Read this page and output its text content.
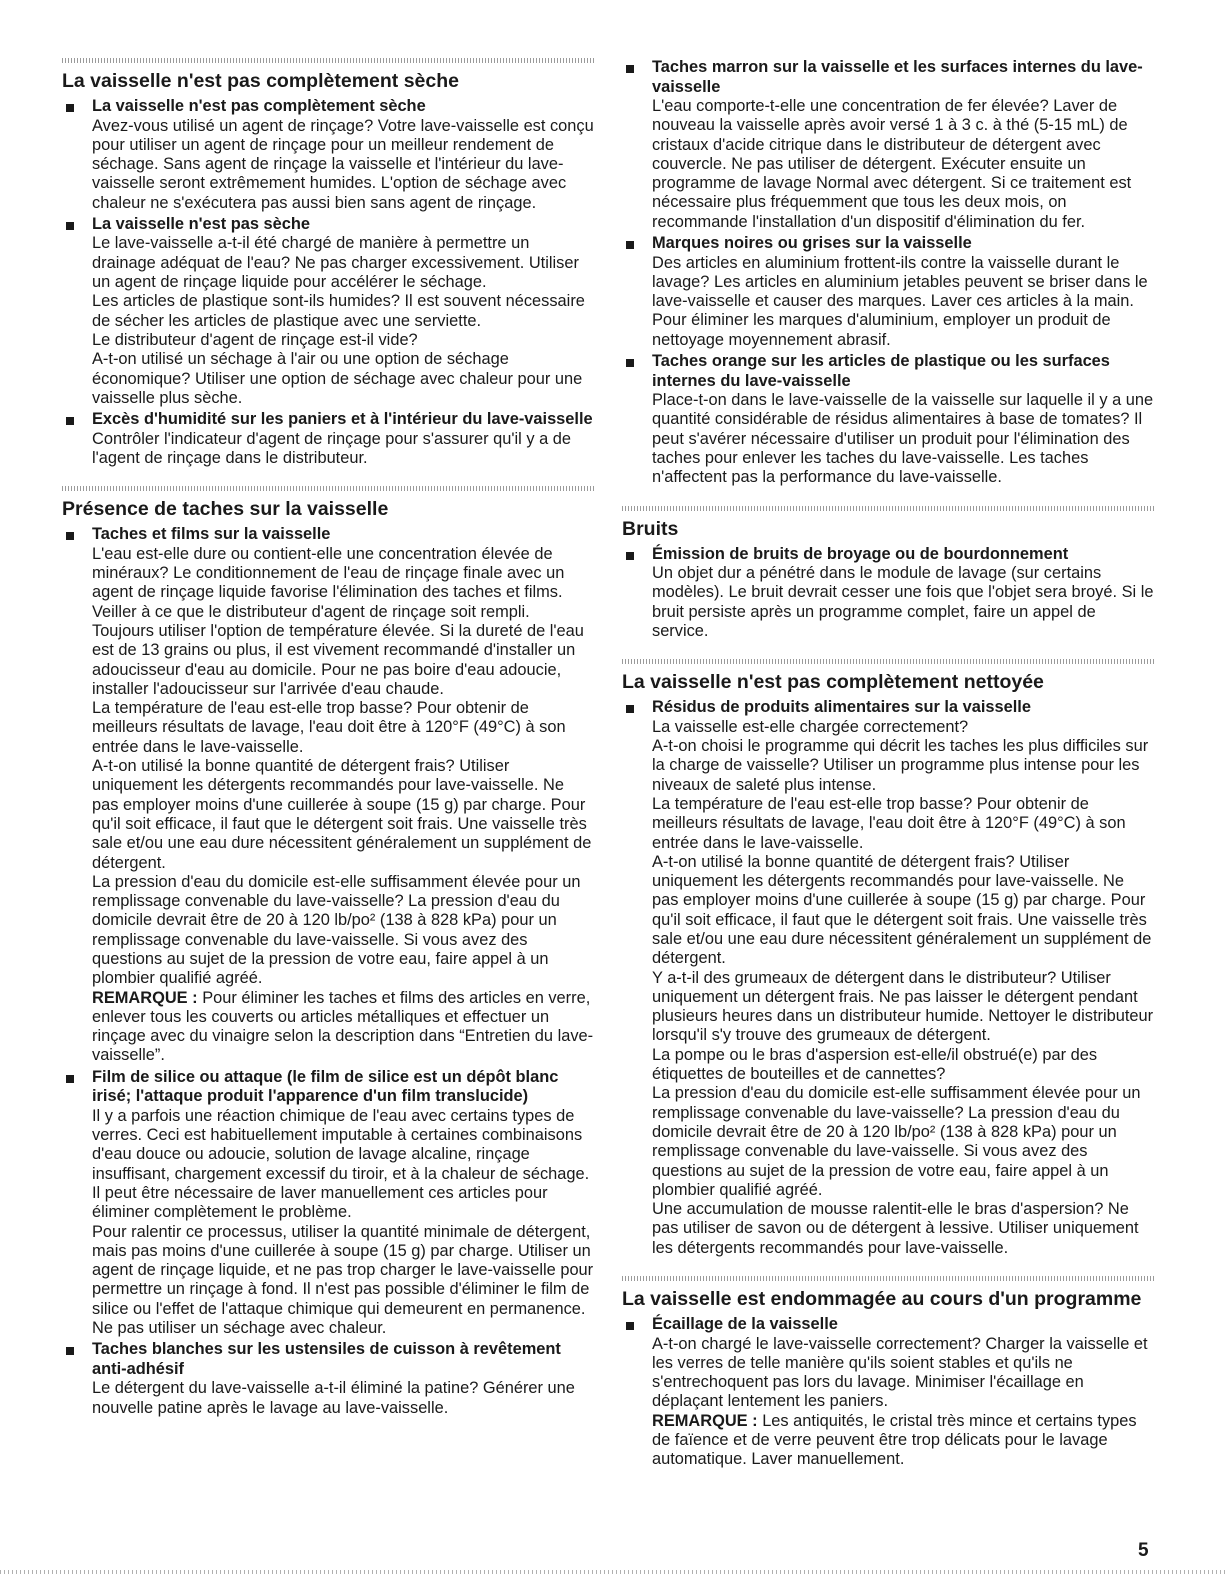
La vaisselle n'est pas complètement sèche
La vaisselle n'est pas complètement sèche
Avez-vous utilisé un agent de rinçage? Votre lave-vaisselle est conçu pour utiliser un agent de rinçage pour un meilleur rendement de séchage. Sans agent de rinçage la vaisselle et l'intérieur du lave-vaisselle seront extrêmement humides. L'option de séchage avec chaleur ne s'exécutera pas aussi bien sans agent de rinçage.
La vaisselle n'est pas sèche
Le lave-vaisselle a-t-il été chargé de manière à permettre un drainage adéquat de l'eau? Ne pas charger excessivement. Utiliser un agent de rinçage liquide pour accélérer le séchage.
Les articles de plastique sont-ils humides? Il est souvent nécessaire de sécher les articles de plastique avec une serviette.
Le distributeur d'agent de rinçage est-il vide?
A-t-on utilisé un séchage à l'air ou une option de séchage économique? Utiliser une option de séchage avec chaleur pour une vaisselle plus sèche.
Excès d'humidité sur les paniers et à l'intérieur du lave-vaisselle
Contrôler l'indicateur d'agent de rinçage pour s'assurer qu'il y a de l'agent de rinçage dans le distributeur.
Présence de taches sur la vaisselle
Taches et films sur la vaisselle
L'eau est-elle dure ou contient-elle une concentration élevée de minéraux? Le conditionnement de l'eau de rinçage finale avec un agent de rinçage liquide favorise l'élimination des taches et films. Veiller à ce que le distributeur d'agent de rinçage soit rempli. Toujours utiliser l'option de température élevée. Si la dureté de l'eau est de 13 grains ou plus, il est vivement recommandé d'installer un adoucisseur d'eau au domicile. Pour ne pas boire d'eau adoucie, installer l'adoucisseur sur l'arrivée d'eau chaude.
La température de l'eau est-elle trop basse? Pour obtenir de meilleurs résultats de lavage, l'eau doit être à 120°F (49°C) à son entrée dans le lave-vaisselle.
A-t-on utilisé la bonne quantité de détergent frais? Utiliser uniquement les détergents recommandés pour lave-vaisselle. Ne pas employer moins d'une cuillerée à soupe (15 g) par charge. Pour qu'il soit efficace, il faut que le détergent soit frais. Une vaisselle très sale et/ou une eau dure nécessitent généralement un supplément de détergent.
La pression d'eau du domicile est-elle suffisamment élevée pour un remplissage convenable du lave-vaisselle? La pression d'eau du domicile devrait être de 20 à 120 lb/po² (138 à 828 kPa) pour un remplissage convenable du lave-vaisselle. Si vous avez des questions au sujet de la pression de votre eau, faire appel à un plombier qualifié agréé.
REMARQUE : Pour éliminer les taches et films des articles en verre, enlever tous les couverts ou articles métalliques et effectuer un rinçage avec du vinaigre selon la description dans “Entretien du lave-vaisselle”.
Film de silice ou attaque (le film de silice est un dépôt blanc irisé; l'attaque produit l'apparence d'un film translucide)
Il y a parfois une réaction chimique de l'eau avec certains types de verres. Ceci est habituellement imputable à certaines combinaisons d'eau douce ou adoucie, solution de lavage alcaline, rinçage insuffisant, chargement excessif du tiroir, et à la chaleur de séchage. Il peut être nécessaire de laver manuellement ces articles pour éliminer complètement le problème.
Pour ralentir ce processus, utiliser la quantité minimale de détergent, mais pas moins d'une cuillerée à soupe (15 g) par charge. Utiliser un agent de rinçage liquide, et ne pas trop charger le lave-vaisselle pour permettre un rinçage à fond. Il n'est pas possible d'éliminer le film de silice ou l'effet de l'attaque chimique qui demeurent en permanence. Ne pas utiliser un séchage avec chaleur.
Taches blanches sur les ustensiles de cuisson à revêtement anti-adhésif
Le détergent du lave-vaisselle a-t-il éliminé la patine? Générer une nouvelle patine après le lavage au lave-vaisselle.
Taches marron sur la vaisselle et les surfaces internes du lave-vaisselle
L'eau comporte-t-elle une concentration de fer élevée? Laver de nouveau la vaisselle après avoir versé 1 à 3 c. à thé (5-15 mL) de cristaux d'acide citrique dans le distributeur de détergent avec couvercle. Ne pas utiliser de détergent. Exécuter ensuite un programme de lavage Normal avec détergent. Si ce traitement est nécessaire plus fréquemment que tous les deux mois, on recommande l'installation d'un dispositif d'élimination du fer.
Marques noires ou grises sur la vaisselle
Des articles en aluminium frottent-ils contre la vaisselle durant le lavage? Les articles en aluminium jetables peuvent se briser dans le lave-vaisselle et causer des marques. Laver ces articles à la main. Pour éliminer les marques d'aluminium, employer un produit de nettoyage moyennement abrasif.
Taches orange sur les articles de plastique ou les surfaces internes du lave-vaisselle
Place-t-on dans le lave-vaisselle de la vaisselle sur laquelle il y a une quantité considérable de résidus alimentaires à base de tomates? Il peut s'avérer nécessaire d'utiliser un produit pour l'élimination des taches pour enlever les taches du lave-vaisselle. Les taches n'affectent pas la performance du lave-vaisselle.
Bruits
Émission de bruits de broyage ou de bourdonnement
Un objet dur a pénétré dans le module de lavage (sur certains modèles). Le bruit devrait cesser une fois que l'objet sera broyé. Si le bruit persiste après un programme complet, faire un appel de service.
La vaisselle n'est pas complètement nettoyée
Résidus de produits alimentaires sur la vaisselle
La vaisselle est-elle chargée correctement?
A-t-on choisi le programme qui décrit les taches les plus difficiles sur la charge de vaisselle? Utiliser un programme plus intense pour les niveaux de saleté plus intense.
La température de l'eau est-elle trop basse? Pour obtenir de meilleurs résultats de lavage, l'eau doit être à 120°F (49°C) à son entrée dans le lave-vaisselle.
A-t-on utilisé la bonne quantité de détergent frais? Utiliser uniquement les détergents recommandés pour lave-vaisselle. Ne pas employer moins d'une cuillerée à soupe (15 g) par charge. Pour qu'il soit efficace, il faut que le détergent soit frais. Une vaisselle très sale et/ou une eau dure nécessitent généralement un supplément de détergent.
Y a-t-il des grumeaux de détergent dans le distributeur? Utiliser uniquement un détergent frais. Ne pas laisser le détergent pendant plusieurs heures dans un distributeur humide. Nettoyer le distributeur lorsqu'il s'y trouve des grumeaux de détergent.
La pompe ou le bras d'aspersion est-elle/il obstrué(e) par des étiquettes de bouteilles et de cannettes?
La pression d'eau du domicile est-elle suffisamment élevée pour un remplissage convenable du lave-vaisselle? La pression d'eau du domicile devrait être de 20 à 120 lb/po² (138 à 828 kPa) pour un remplissage convenable du lave-vaisselle. Si vous avez des questions au sujet de la pression de votre eau, faire appel à un plombier qualifié agréé.
Une accumulation de mousse ralentit-elle le bras d'aspersion? Ne pas utiliser de savon ou de détergent à lessive. Utiliser uniquement les détergents recommandés pour lave-vaisselle.
La vaisselle est endommagée au cours d'un programme
Écaillage de la vaisselle
A-t-on chargé le lave-vaisselle correctement? Charger la vaisselle et les verres de telle manière qu'ils soient stables et qu'ils ne s'entrechoquent pas lors du lavage. Minimiser l'écaillage en déplaçant lentement les paniers.
REMARQUE : Les antiquités, le cristal très mince et certains types de faïence et de verre peuvent être trop délicats pour le lavage automatique. Laver manuellement.
5
